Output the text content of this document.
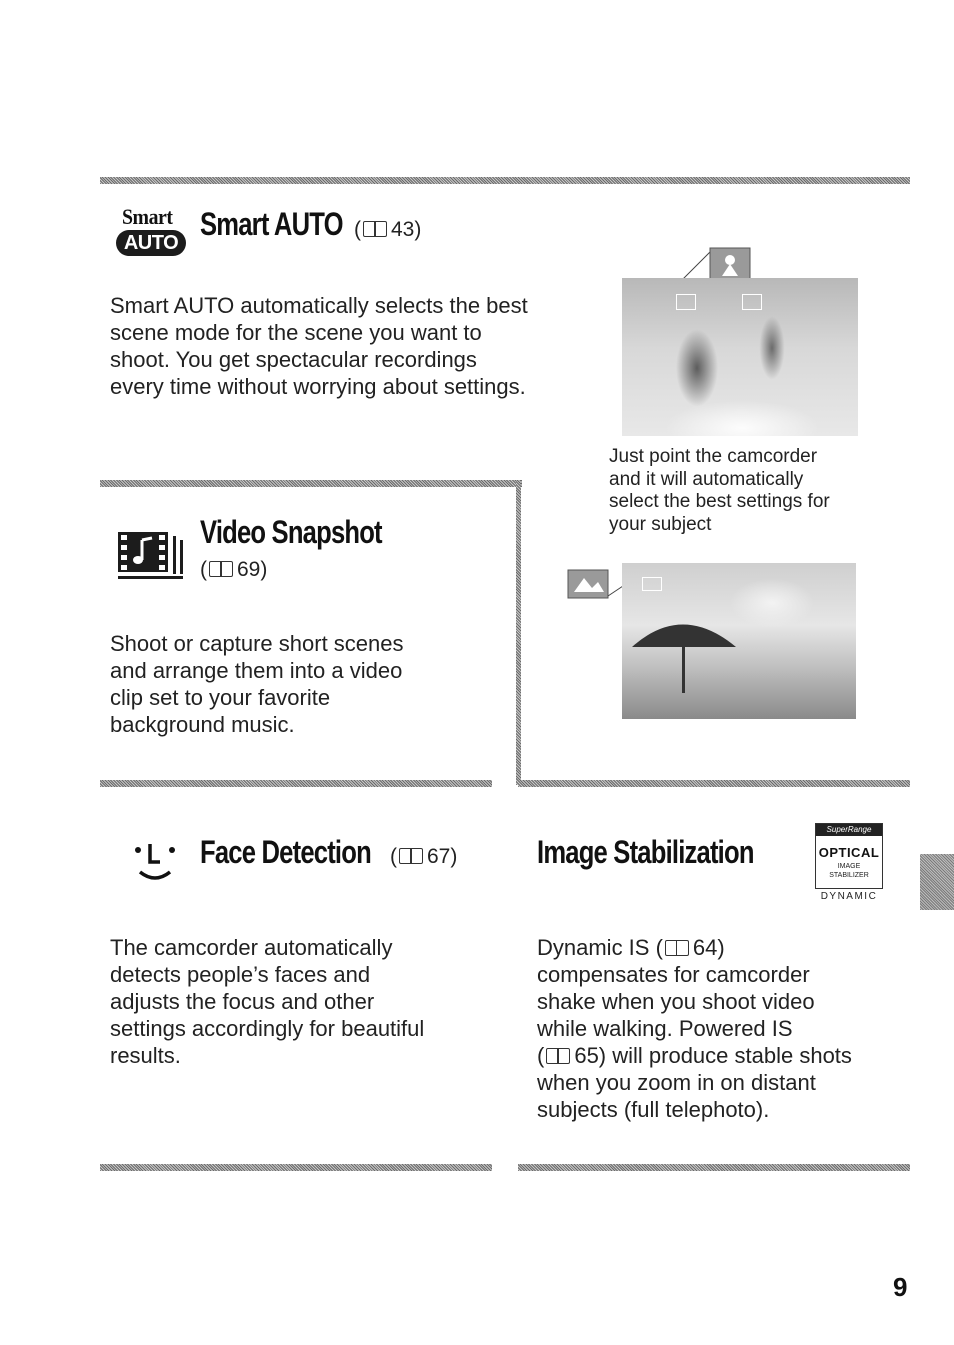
Smart
AUTO
Smart AUTO ( 43)
Smart AUTO automatically selects the best
scene mode for the scene you want to
shoot. You get spectacular recordings
every time without worrying about settings.
Just point the camcorder
and it will automatically
select the best settings for
your subject
Video Snapshot
( 69)
Shoot or capture short scenes
and arrange them into a video
clip set to your favorite
background music.
Face Detection ( 67)
The camcorder automatically
detects people’s faces and
adjusts the focus and other
settings accordingly for beautiful
results.
Image Stabilization
SuperRange
OPTICAL
IMAGE
STABILIZER
DYNAMIC
Dynamic IS ( 64)
compensates for camcorder
shake when you shoot video
while walking. Powered IS
( 65) will produce stable shots
when you zoom in on distant
subjects (full telephoto).
9
